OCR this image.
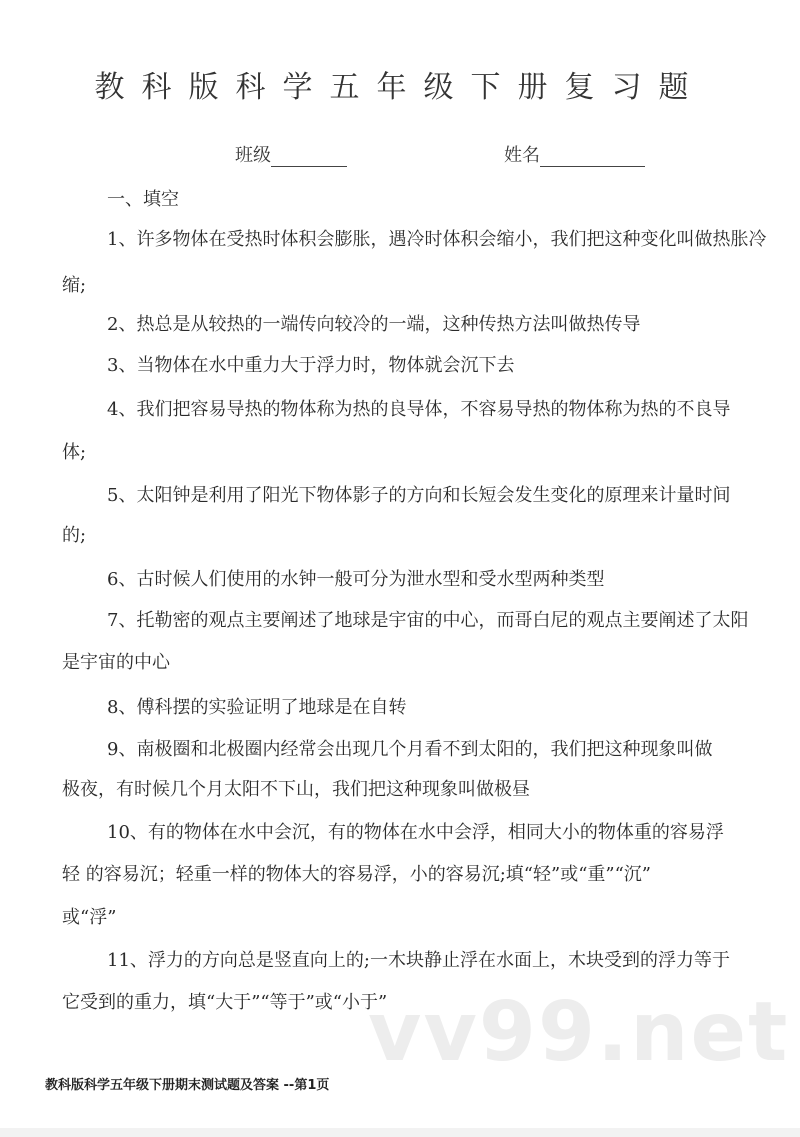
教科版科学五年级下册复习题
班级	姓名
一、填空
1、许多物体在受热时体积会膨胀，遇冷时体积会缩小，我们把这种变化叫做热胀冷
缩;
2、热总是从较热的一端传向较冷的一端，这种传热方法叫做热传导
3、当物体在水中重力大于浮力时，物体就会沉下去
4、我们把容易导热的物体称为热的良导体，不容易导热的物体称为热的不良导
体;
5、太阳钟是利用了阳光下物体影子的方向和长短会发生变化的原理来计量时间
的;
6、古时候人们使用的水钟一般可分为泄水型和受水型两种类型
7、托勒密的观点主要阐述了地球是宇宙的中心，而哥白尼的观点主要阐述了太阳
是宇宙的中心
8、傅科摆的实验证明了地球是在自转
9、南极圈和北极圈内经常会出现几个月看不到太阳的，我们把这种现象叫做
极夜，有时候几个月太阳不下山，我们把这种现象叫做极昼
10、有的物体在水中会沉，有的物体在水中会浮，相同大小的物体重的容易浮
轻 的容易沉；轻重一样的物体大的容易浮，小的容易沉;填“轻”或“重”“沉”
或“浮”
11、浮力的方向总是竖直向上的;一木块静止浮在水面上，木块受到的浮力等于
它受到的重力，填“大于”“等于”或“小于”
vv99.net
教科版科学五年级下册期末测试题及答案 --第1页
